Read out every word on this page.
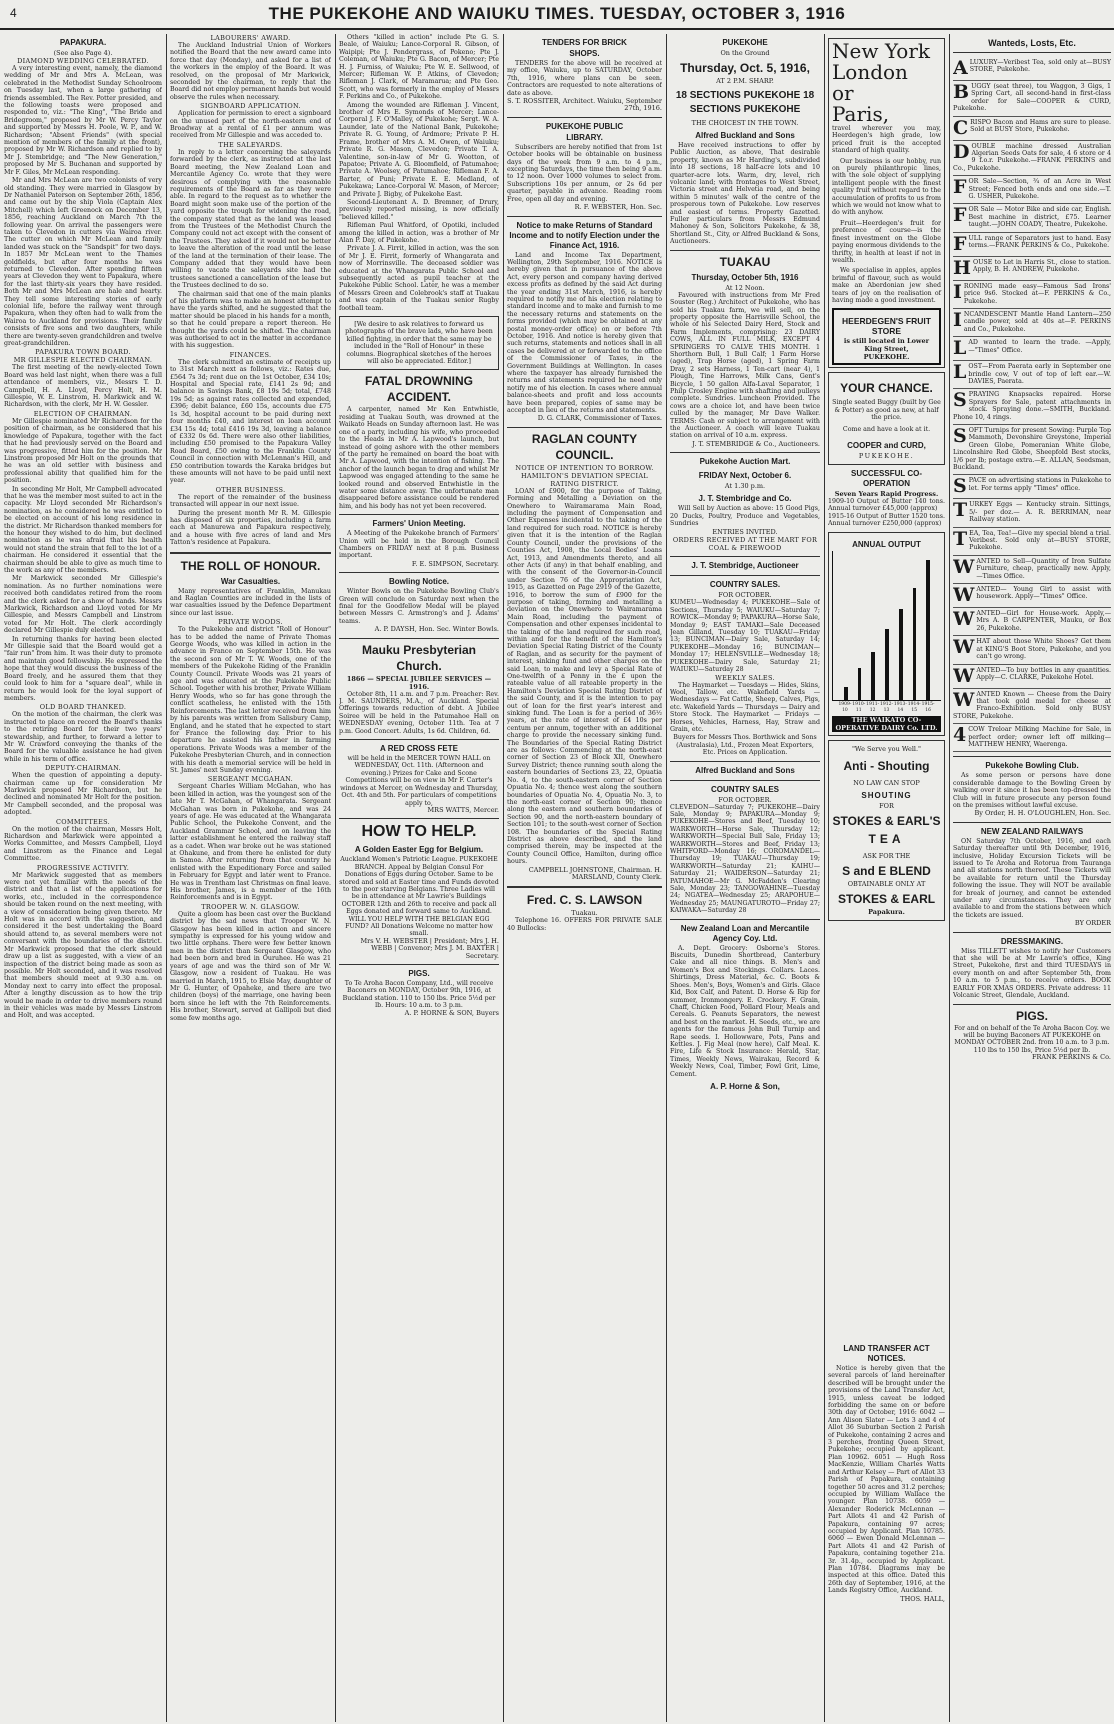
4	THE PUKEKOHE AND WAIUKU TIMES. TUESDAY, OCTOBER 3, 1916
PAPAKURA.
(See also Page 4).
DIAMOND WEDDING CELEBRATED.

A very interesting event, namely, the diamond wedding of Mr and Mrs A. McLean, was celebrated in the Methodist Sunday Schoolroom on Tuesday last, when a large gathering of friends assembled. The Rev. Potter presided, and the following toasts were proposed and responded to, viz.: "The King", "The Bride and Bridegroom," proposed by Mr W. Percy Taylor and supported by Messrs H. Poole, W. P., and W. Richardson; "Absent Friends" (with special mention of members of the family at the front), proposed by Mr W. Richardson and replied to by Mr J. Stembridge; and "The New Generation," proposed by Mr S. Buchanan and supported by Mr F. Giles, Mr McLean responding.

Mr and Mrs McLean are two colonists of very old standing. They were married in Glasgow by Dr Nathaniel Paterson on September 26th, 1856, and came out by the ship Viola (Captain Alex Mitchell) which left Greenock on December 13, 1856, reaching Auckland on March 7th the following year. On arrival the passengers were taken to Clevedon in cutters via Wairoa river. The cutter on which Mr McLean and family landed was stuck on the "Sandspit" for two days. In 1857 Mr McLean went to the Thames goldfields, but after four months he was returned to Clevedon. After spending fifteen years at Clevedon they went to Papakura, where for the last thirty-six years they have resided. Both Mr and Mrs McLean are hale and hearty. They tell some interesting stories of early colonial life, before the railway went through Papakura, when they often had to walk from the Wairoa to Auckland for provisions. Their family consists of five sons and two daughters, while there are twenty-seven grandchildren and twelve great-grandchildren.

PAPAKURA TOWN BOARD.
MR GILLESPIE ELECTED CHAIRMAN.

The first meeting of the newly-elected Town Board was held last night, when there was a full attendance of members, viz., Messrs T. D. Campbell, H. A. Lloyd, Percy Holt, H. M. Gillespie, W. E. Linstrom, H. Markwick and W. Richardson, with the clerk, Mr H. W. Gessler.

ELECTION OF CHAIRMAN.

Mr Gillespie nominated Mr Richardson for the position of chairman, as he considered that his knowledge of Papakura, together with the fact that he had previously served on the Board and was progressive, fitted him for the position. Mr Linstrom proposed Mr Holt on the grounds that he was an old settler with business and professional ability that qualified him for the position.

In seconding Mr Holt, Mr Campbell advocated that he was the member most suited to act in the capacity. Mr Lloyd seconded Mr Richardson's nomination, as he considered he was entitled to be elected on account of his long residence in the district. Mr Richardson thanked members for the honour they wished to do him, but declined nomination as he was afraid that his health would not stand the strain that fell to the lot of a chairman. He considered it essential that the chairman should be able to give as much time to the work as any of the members.

Mr Markwick seconded Mr Gillespie's nomination. As no further nominations were received both candidates retired from the room and the clerk asked for a show of hands. Messrs Markwick, Richardson and Lloyd voted for Mr Gillespie, and Messrs Campbell and Linstrom voted for Mr Holt. The clerk accordingly declared Mr Gillespie duly elected.

In returning thanks for having been elected Mr Gillespie said that the Board would get a "fair run" from him. It was their duty to promote and maintain good fellowship. He expressed the hope that they would discuss the business of the Board freely, and he assured them that they could look to him for a "square deal", while in return he would look for the loyal support of members.

OLD BOARD THANKED.

On the motion of the chairman, the clerk was instructed to place on record the Board's thanks to the retiring Board for their two years' stewardship, and further, to forward a letter to Mr W. Crawford conveying the thanks of the Board for the valuable assistance he had given while in his term of office.

DEPUTY-CHAIRMAN.

When the question of appointing a deputy-chairman came up for consideration Mr Markwick proposed Mr Richardson, but he declined and nominated Mr Holt for the position. Mr Campbell seconded, and the proposal was adopted.

COMMITTEES.

On the motion of the chairman, Messrs Holt, Richardson and Markwick were appointed a Works Committee, and Messrs Campbell, Lloyd and Linstrom as the Finance and Legal Committee.

PROGRESSIVE ACTIVITY.

Mr Markwick suggested that as members were not yet familiar with the needs of the district and that a list of the applications for works, etc., included in the correspondence should be taken round on the next meeting, with a view of consideration being given thereto. Mr Holt was in accord with the suggestion, and considered it the best undertaking the Board should attend to, as several members were not conversant with the boundaries of the district. Mr Markwick proposed that the clerk should draw up a list as suggested, with a view of an inspection of the district being made as soon as possible. Mr Holt seconded, and it was resolved that members should meet at 9.30 a.m. on Monday next to carry into effect the proposal. After a lengthy discussion as to how the trip would be made in order to drive members round in their vehicles was made by Messrs Linstrom and Holt, and was accepted.

LABOURERS' AWARD.

The Auckland Industrial Union of Workers notified the Board that the new award came into force that day (Monday), and asked for a list of the workers in the employ of the Board. It was resolved, on the proposal of Mr Markwick, seconded by the chairman, to reply that the Board did not employ permanent hands but would observe the rules when necessary.

SIGNBOARD APPLICATION.

Application for permission to erect a signboard on the unused part of the north-eastern end of Broadway at a rental of £1 per annum was received from Mr Gillespie and was acceded to.

THE SALEYARDS.

In reply to a letter concerning the saleyards forwarded by the clerk, as instructed at the last Board meeting, the New Zealand Loan and Mercantile Agency Co. wrote that they were desirous of complying with the reasonable requirements of the Board as far as they were able. In regard to the request as to whether the Board might soon make use of the portion of the yard opposite the trough for widening the road, the company stated that as the land was leased from the Trustees of the Methodist Church the Company could not act except with the consent of the Trustees. They asked if it would not be better to leave the alteration of the road until the lease of the land at the termination of their lease. The Company added that they would have been willing to vacate the saleyards site had the trustees sanctioned a cancellation of the lease but the Trustees declined to do so.

The chairman said that one of the main planks of his platform was to make an honest attempt to have the yards shifted, and he suggested that the matter should be placed in his hands for a month, so that he could prepare a report thereon. He thought the yards could be shifted. The chairman was authorised to act in the matter in accordance with his suggestion.

FINANCES.

The clerk submitted an estimate of receipts up to 31st March next as follows, viz.: Rates due, £564 7s 3d; rent due on the 1st October, £34 10s; Hospital and Special rate, £141 2s 9d; and balance in Savings Bank, £8 19s 5d; total, £748 19s 5d; as against rates collected and expended, £396; debit balance, £60 15s, accounts due £75 1s 3d, hospital account to be paid during next four months £40, and interest on loan account £34 15s 4d; total £416 19s 3d, leaving a balance of £332 0s 6d. There were also other liabilities, including £50 promised to the Papakura Valley Road Board, £50 owing to the Franklin County Council in connection with McLennan's Hill, and £50 contribution towards the Karaka bridges but these amounts will not have to be paid until next year.

OTHER BUSINESS.

The report of the remainder of the business transacted will appear in our next issue.

During the present month Mr R. M. Gillespie has disposed of six properties, including a farm each at Manurewa and Papakura respectively, and a house with five acres of land and Mrs Tatton's residence at Papakura.

THE ROLL OF HONOUR.
War Casualties.

Many representatives of Franklin, Manukau and Raglan Counties are included in the lists of war casualties issued by the Defence Department since our last issue.

PRIVATE WOODS.

To the Pukekohe and district "Roll of Honour" has to be added the name of Private Thomas George Woods, who was killed in action in the advance in France on September 15th. He was the second son of Mr T. W. Woods, one of the members of the Pukekohe Riding of the Franklin County Council. Private Woods was 21 years of age and was educated at the Pukekohe Public School. Together with his brother, Private William Henry Woods, who so far has gone through the conflict scatheless, he enlisted with the 15th Reinforcements. The last letter received from him by his parents was written from Salisbury Camp, England, and he stated that he expected to start for France the following day. Prior to his departure he assisted his father in farming operations. Private Woods was a member of the Pukekohe Presbyterian Church, and in connection with his death a memorial service will be held in St. James' next Sunday evening.

SERGEANT MCGAHAN.

Sergeant Charles William McGahan, who has been killed in action, was the youngest son of the late Mr T. McGahan, of Whangarata. Sergeant McGahan was born in Pukekohe, and was 24 years of age. He was educated at the Whangarata Public School, the Pukekohe Convent, and the Auckland Grammar School, and on leaving the latter establishment he entered the railway staff as a cadet. When war broke out he was stationed at Ohakune, and from there he enlisted for duty in Samoa. After returning from that country he enlisted with the Expeditionary Force and sailed in February for Egypt and later went to France. He was in Trentham last Christmas on final leave. His brother, James, is a member of the 16th Reinforcements and is in Egypt.

TROOPER W. N. GLASGOW.

Quite a gloom has been cast over the Buckland district by the sad news that Trooper W. N. Glasgow has been killed in action and sincere sympathy is expressed for his young widow and two little orphans. There were few better known men in the district than Sergeant Glasgow, who had been born and bred in Ouruhee. He was 21 years of age and was the third son of Mr W. Glasgow, now a resident of Tuakau. He was married in March, 1915, to Elsie May, daughter of Mr G. Hunter, of Opaheke, and there are two children (boys) of the marriage, one having been born since he left with the 7th Reinforcements. His brother, Stewart, served at Gallipoli but died some few months ago.

Others "killed in action" include Pte G. S. Beale, of Waiuku; Lance-Corporal R. Gibson, of Waipipi; Pte J. Pendergrass, of Pokeno; Pte J. Coleman, of Waiuku; Pte G. Bacon, of Mercer; Pte H. J. Furniss, of Waiuku; Pte W. E. Sellwood, of Mercer; Rifleman W. P. Atkins, of Clevedon; Rifleman J. Clark, of Maramarua; and Pte Geo. Scott, who was formerly in the employ of Messrs F. Perkins and Co., of Pukekohe.

Among the wounded are Rifleman J. Vincent, brother of Mrs E. Symonds of Mercer; Lance-Corporal J. F. O'Malley, of Pukekohe; Sergt. W. A. Launder, late of the National Bank, Pukekohe; Private R. G. Young, of Ardmore; Private P. H. Frame, brother of Mrs A. M. Owen, of Waiuku; Private R. G. Mason, Clevedon; Private T. A. Valentine, son-in-law of Mr G. Wootton, of Papatoe; Private A. G. Bloomfield, of Patumahoe; Private A. Woolsey, of Patumahoe; Rifleman F. A. Barter, of Puni; Private E. E. Medland, of Pukekawa; Lance-Corporal W. Mason, of Mercer; and Private J. Bigby, of Pukekohe East.

Second-Lieutenant A. D. Bremner, of Drury, previously reported missing, is now officially "believed killed."

Rifleman Paul Whitford, of Opotiki, included among the killed in action, was a brother of Mr Alan P. Day, of Pukekohe.

Private J. A. Firrit, killed in action, was the son of Mr J. E. Firrit, formerly of Whangarata and now of Morrinsville. The deceased soldier was educated at the Whangarata Public School and subsequently acted as pupil teacher at the Pukekohe Public School. Later, he was a member of Messrs Green and Colebrook's staff at Tuakau and was captain of the Tuakau senior Rugby football team.

[We desire to ask relatives to forward us photographs of the brave lads, who have been killed fighting, in order that the same may be included in the "Roll of Honour" in these columns. Biographical sketches of the heroes will also be appreciated. Editor.]

FATAL DROWNING
ACCIDENT.

A carpenter, named Mr Ken Entwhistle, residing at Tuakau South, was drowned at the Waikato Heads on Sunday afternoon last. He was one of a party, including his wife, who proceeded to the Heads in Mr A. Lapwood's launch, but instead of going ashore with the other members of the party he remained on board the boat with Mr A. Lapwood, with the intention of fishing. The anchor of the launch began to drag and whilst Mr Lapwood was engaged attending to the same he looked round and observed Entwhistle in the water some distance away. The unfortunate man disappeared before assistance could be rendered him, and his body has not yet been recovered.

Farmers' Union Meeting.

A Meeting of the Pukekohe branch of Farmers' Union will be held in the Borough Council Chambers on FRIDAY next at 8 p.m. Business important.

F. E. SIMPSON, Secretary.
Bowling Notice.

Winter Bowls on the Pukekohe Bowling Club's Green will conclude on Saturday next when the final for the Goodfellow Medal will be played between Messrs C. Armstrong's and J. Adams' teams.

A. P. DAYSH, Hon. Sec. Winter Bowls.
Mauku Presbyterian
Church.
1866 — SPECIAL JUBILEE SERVICES — 1916.

October 8th, 11 a.m. and 7 p.m. Preacher: Rev. J. M. SAUNDERS, M.A., of Auckland. Special Offerings towards reduction of debt. A Jubilee Soiree will be held in the Patumahoe Hall on WEDNESDAY evening, October 11th. Tea at 7 p.m. Good Concert. Adults, 1s 6d. Children, 6d.

A RED CROSS FETE

will be held in the MERCER TOWN HALL on WEDNESDAY, Oct. 11th. (Afternoon and evening.) Prizes for Cake and Scone Competitions will be on view in Mr F. Carter's windows at Mercer, on Wednesday and Thursday, Oct. 4th and 5th. For particulars of competitions apply to,

MRS WATTS, Mercer.
HOW TO HELP.
A Golden Easter Egg for Belgium.

Auckland Women's Patriotic League. PUKEKOHE BRANCH. Appeal by Belgian Consul For Donations of Eggs during October. Same to be stored and sold at Easter time and Funds devoted to the poor starving Belgians. Three Ladies will be in attendance at Mr Lawrie's Buildings OCTOBER 12th and 26th to receive and pack all Eggs donated and forward same to Auckland. WILL YOU HELP WITH THE BELGIAN EGG FUND? All Donations Welcome no matter how small.

Mrs V. H. WEBSTER | President; Mrs J. H. WEBB | Convenor; Mrs J. M. BAXTER | Secretary.
PIGS.

To Te Aroha Bacon Company, Ltd., will receive Baconers on MONDAY, October 9th, 1916, at Buckland station. 110 to 150 lbs. Price 5½d per lb. Hours: 10 a.m. to 3 p.m.

A. P. HORNE & SON, Buyers
TENDERS FOR BRICK
SHOPS.

TENDERS for the above will be received at my office, Waiuku, up to SATURDAY, October 7th, 1916, where plans can be seen. Contractors are requested to note alterations of date as above.

S. T. ROSSITER, Architect. Waiuku, September 27th, 1916.
PUKEKOHE PUBLIC
LIBRARY.

Subscribers are hereby notified that from 1st October books will be obtainable on business days of the week from 9 a.m. to 4 p.m., excepting Saturdays, the time then being 9 a.m. to 12 noon. Over 1000 volumes to select from. Subscriptions 10s per annum, or 2s 6d per quarter, payable in advance. Reading room Free, open all day and evening.

R. F. WEBSTER, Hon. Sec.
Notice to make Returns of Standard Income and to notify Election under the Finance Act, 1916.

Land and Income Tax Department, Wellington, 29th September, 1916. NOTICE is hereby given that in pursuance of the above Act, every person and company having derived excess profits as defined by the said Act during the year ending 31st March, 1916, is hereby required to notify me of his election relating to standard income and to make and furnish to me the necessary returns and statements on the forms provided (which may be obtained at any postal money-order office) on or before 7th October, 1916. And notice is hereby given that such returns, statements and notices shall in all cases be delivered at or forwarded to the office of the Commissioner of Taxes, in the Government Buildings at Wellington. In cases where the taxpayer has already furnished the returns and statements required he need only notify me of his election. In cases where annual balance-sheets and profit and loss accounts have been prepared, copies of same may be accepted in lieu of the returns and statements.

D. G. CLARK, Commissioner of Taxes.
RAGLAN COUNTY
COUNCIL.
NOTICE OF INTENTION TO BORROW.
HAMILTON'S DEVIATION SPECIAL RATING DISTRICT.

LOAN of £900, for the purpose of Taking, Forming and Metalling a Deviation on the Onewhero to Wairamarama Main Road, including the payment of Compensation and Other Expenses incidental to the taking of the land required for such road. NOTICE is hereby given that it is the intention of the Raglan County Council, under the provisions of the Counties Act, 1908, the Local Bodies' Loans Act, 1913, and Amendments thereto, and all other Acts (if any) in that behalf enabling, and with the consent of the Governor-in-Council under Section 76 of the Appropriation Act, 1915, as Gazetted on Page 2919 of the Gazette, 1916, to borrow the sum of £900 for the purpose of taking, forming and metalling a deviation on the Onewhero to Wairamarama Main Road, including the payment of Compensation and other expenses incidental to the taking of the land required for such road, within and for the benefit of the Hamilton's Deviation Special Rating District of the County of Raglan, and as security for the payment of interest, sinking fund and other charges on the said Loan, to make and levy a Special Rate of One-twelfth of a Penny in the £ upon the rateable value of all rateable property in the Hamilton's Deviation Special Rating District of the said County, and it is the intention to pay out of loan for the first year's interest and sinking fund. The Loan is for a period of 36½ years, at the rate of interest of £4 10s per centum per annum, together with an additional charge to provide the necessary sinking fund. The Boundaries of the Special Rating District are as follows: Commencing at the north-east corner of Section 23 of Block XII, Onewhero Survey District; thence running south along the eastern boundaries of Sections 23, 22, Opuatia No. 4, to the south-eastern corner of Section Opuatia No. 4; thence west along the southern boundaries of Opuatia No. 4, Opuatia No. 3, to the north-east corner of Section 90; thence along the eastern and southern boundaries of Section 90, and the north-eastern boundary of Section 101; to the south-west corner of Section 108. The boundaries of the Special Rating District as above described, and the land comprised therein, may be inspected at the County Council Office, Hamilton, during office hours.

CAMPBELL JOHNSTONE, Chairman. H. MARSLAND, County Clerk.
Fred. C. S. LAWSON
Tuakau.

Telephone 16. OFFERS FOR PRIVATE SALE 40 Bullocks:

PUKEKOHE
On the Ground
Thursday, Oct. 5, 1916,
AT 2 P.M. SHARP.
18 SECTIONS PUKEKOHE 18 SECTIONS PUKEKOHE
THE CHOICEST IN THE TOWN.
Alfred Buckland and Sons

Have received instructions to offer by Public Auction, as above, That desirable property, known as Mr Harding's, subdivided into 18 sections, 18 half-acre lots and 10 quarter-acre lots. Warm, dry, level, rich volcanic land; with frontages to West Street, Victoria street and Helvetia road, and being within 5 minutes' walk of the centre of the prosperous town of Pukekohe. Low reserves and easiest of terms. Property Gazetted. Fuller particulars from Messrs Edmund Mahoney & Son, Solicitors Pukekohe, & 38, Shortland St., City, or Alfred Buckland & Sons, Auctioneers.

TUAKAU
Thursday, October 5th, 1916
At 12 Noon.

Favoured with instructions from Mr Fred Souster (Reg.) Architect of Pukekohe, who has sold his Tuakau farm, we will sell, on the property opposite the Harrisville School, the whole of his Selected Dairy Herd, Stock and Farm Implements, comprising: 23 DAIRY COWS, ALL IN FULL MILK, EXCEPT 4 SPRINGERS TO CALVE THIS MONTH. 1 Shorthorn Bull, 1 Bull Calf; 1 Farm Horse (aged), Trap Horse (aged), 1 Spring Farm Dray, 2 sets Harness, 1 Ten-cart (near 4), 1 Plough, Tine Harrows, Milk Cans, Gent's Bicycle, 1 50 gallon Alfa-Laval Separator, 1 Philp Crosley Engine with shafting and pulleys complete. Sundries. Luncheon Provided. The cows are a choice lot, and have been twice culled by the manager, Mr Dave Walker. TERMS: Cash or subject to arrangement with the Auctioneer. A coach will leave Tuakau station on arrival of 10 a.m. express.

J. T. STEMBRIDGE & Co., Auctioneers.
Pukekohe Auction Mart.
FRIDAY Next, October 6.
At 1.30 p.m.
J. T. Stembridge and Co.

Will Sell by Auction as above: 15 Good Pigs, 20 Ducks, Poultry, Produce and Vegetables, Sundries

ENTRIES INVITED.
ORDERS RECEIVED AT THE MART FOR COAL & FIREWOOD
J. T. Stembridge, Auctioneer
COUNTRY SALES.
FOR OCTOBER.

KUMEU—Wednesday 4; PUKEKOHE—Sale of Sections, Thursday 5; WAIUKU—Saturday 7; ROWICK—Monday 9; PAPAKURA—Horse Sale, Monday 9; EAST TAMAKI—Sale Deceased Jean Gilland, Tuesday 10; TUAKAU—Friday 13; BUNCIMAN—Dairy Sale, Saturday 14; PUKEKOHE—Monday 16; BUNCIMAN—Monday 17; HELENSVILLE—Wednesday 18; PUKEKOHE—Dairy Sale, Saturday 21; WAIUKU—Saturday 28

WEEKLY SALES.

The Haymarket — Tuesdays — Hides, Skins, Wool, Tallow, etc. Wakefield Yards — Wednesdays — Fat Cattle, Sheep, Calves, Pigs, etc. Wakefield Yards — Thursdays — Dairy and Store Stock. The Haymarket — Fridays — Horses, Vehicles, Harness, Hay, Straw and Grain, etc.

Buyers for Messrs Thos. Borthwick and Sons (Australasia), Ltd., Frozen Meat Exporters, Etc. Prices on Application.

Alfred Buckland and Sons
COUNTRY SALES
FOR OCTOBER.

CLEVEDON—Saturday 7; PUKEKOHE—Dairy Sale, Monday 9; PAPAKURA—Monday 9; PUKEKOHE—Stores and Beef, Tuesday 10; WARKWORTH—Horse Sale, Thursday 12; WARKWORTH—Special Bull Sale, Friday 13; WARKWORTH—Stores and Beef, Friday 13; WHITFORD—Monday 16; COROMANDEL—Thursday 19; TUAKAU—Thursday 19; WARKWORTH—Saturday 21; KAIHU—Saturday 21; WAIDERSON—Saturday 21; PATUMAHOE—Mr G. McFadden's Clearing Sale, Monday 23; TANGOWAHINE—Tuesday 24; NGATEA—Wednesday 25; ARAPOHUE—Wednesday 25; MAUNGATUROTO—Friday 27; KAIWAKA—Saturday 28

New Zealand Loan and Mercantile Agency Coy. Ltd.

A. Dept. Grocery: Osborne's Stores. Biscuits, Dunedin Shortbread, Canterbury Cake and all nice things. B. Men's and Women's Box and Stockings. Collars. Laces. Shirtings, Dress Material, &c. C. Boots & Shoes. Men's, Boys, Women's and Girls. Glace Kid, Box Calf, and Patent. D. Horse & Rip for summer, Ironmongery. E. Crockery. F. Grain, Chaff, Chicken Food, Pollard Flour, Meals and Cereals. G. Peanuts Separators, the newest and best on the market. H. Seeds, etc., we are agents for the famous John Bull Turnip and Rape seeds. I. Hollowware, Pots, Pans and Kettles. J. Fig Meal (now here), Calf Meal. K. Fire, Life & Stock Insurance: Herald, Star, Times, Weekly News, Wairakau, Record & Weekly News, Coal, Timber, Fowl Grit, Lime, Cement.

A. P. Horne & Son,
New York
London
or
Paris,

travel wherever you may, Heerdegen's high grade, low priced fruit is the accepted standard of high quality.

Our business is our hobby, run on purely philanthropic lines, with the sole object of supplying intelligent people with the finest quality fruit without regard to the accumulation of profits to us from which we would not know what to do with anyhow.

Fruit—Heerdegen's fruit for preference of course—is the finest investment on the Globe paying enormous dividends to the thrifty, in health at least if not in wealth.

We specialise in apples, apples brimful of flavour, such as would make an Aberdonian jew shed tears of joy on the realisation of having made a good investment.

HEERDEGEN'S FRUIT STORE
is still located in Lower King Street,
PUKEKOHE.
YOUR CHANCE.

Single seated Buggy (built by Gee & Potter) as good as new, at half the price.

Come and have a look at it.

COOPER and CURD,
PUKEKOHE.
SUCCESSFUL CO-OPERATION
Seven Years Rapid Progress.

1909-10 Output of Butter 140 tons. Annual turnover £45,000 (approx)

1915-16 Output of Butter 1520 tons. Annual turnover £250,000 (approx)

ANNUAL OUTPUT
1909-10
1910-11
1911-12
1912-13
1913-14
1914-15
1915-16
THE WAIKATO CO-OPERATIVE DAIRY Co. LTD.
"We Serve you Well."
Anti - Shouting
NO LAW CAN STOP
SHOUTING
FOR
STOKES & EARL'S
TEA
ASK FOR THE
S and E BLEND
OBTAINABLE ONLY AT
STOKES & EARL
Papakura.
Wanteds, Losts, Etc.
ALUXURY—Veribest Tea, sold only at—BUSY STORE, Pukekohe.
BUGGY (seat three), tou Waggon, 3 Gigs, 1 Spring Cart, all second-hand in first-class order for Sale—COOPER & CURD, Pukekohe.
CRISPO Bacon and Hams are sure to please. Sold at BUSY Store, Pukekohe.
DOUBLE machine dressed Australian Algerian Seeds Oats for sale, 4 6 store or 4 9 f.o.r. Pukekohe.—FRANK PERKINS and Co., Pukekohe.
FOR Sale—Section, ¾ of an Acre in West Street; Fenced both ends and one side.—T. G. USHER, Pukekohe.
FOR Sale — Motor Bike and side car, English. Best machine in district, £75. Learner taught.—JOHN COADY, Theatre, Pukekohe.
FULL range of Separators just to hand. Easy terms.—FRANK PERKINS & Co., Pukekohe.
HOUSE to Let in Harris St., close to station. Apply, B. H. ANDREW, Pukekohe.
IRONING made easy—Famous Sad Irons' price 9s6. Stocked at—F. PERKINS & Co., Pukekohe.
INCANDESCENT Mantle Hand Lantern—250 candle power, sold at 40s at—F. PERKINS and Co., Pukekohe.
LAD wanted to learn the trade. —Apply,—"Times" Office.
LOST—From Paerata early in September one brindle cow, V out of top of left ear.—W. DAVIES, Paerata.
SPRAYING Knapsacks repaired. Horse Sprayers for Sale, patent attachments in stock. Spraying done.—SMITH, Buckland. Phone 10, 4 rings.
SOFT Turnips for present Sowing: Purple Top Mammoth, Devonshire Greystone, Imperial Green Globe, Pomeranian White Globe, Lincolnshire Red Globe, Sheepfold Best stocks, 1/6 per lb; postage extra.—E. ALLAN, Seedsman, Buckland.
SPACE on advertising stations in Pukekohe to let. For terms apply "Times" office.
TURKEY Eggs — Kentucky strain. Sittings, 5/- per doz.— A. R. BERRIMAN, near Railway station.
TEA, Tea, Tea!—Give my special blend a trial. Veribest. Sold only at—BUSY STORE, Pukekohe.
WANTED to Sell—Quantity of Iron Sulfate Furniture, cheap, practically new. Apply,—Times Office.
WANTED— Young Girl to assist with housework. Apply—"Times" Office.
WANTED—Girl for House-work. Apply,— Mrs A. B CARPENTER, Mauku, or Box 26, Pukekohe.
WHAT about those White Shoes? Get them at KING'S Boot Store, Pukekohe, and you can't go wrong.
WANTED—To buy bottles in any quantities. Apply—C. CLARKE, Pukekohe Hotel.
WANTED Known — Cheese from the Dairy that took gold medal for cheese at Franco-Exhibition. Sold only BUSY STORE, Pukekohe.
4 COW Treloar Milking Machine for Sale, in perfect order; owner left off milking—MATTHEW HENRY, Waerenga.
Pukekohe Bowling Club.

As some person or persons have done considerable damage to the Bowling Green by walking over it since it has been top-dressed the Club will in future prosecute any person found on the premises without lawful excuse.

By Order, H. H. O'LOUGHLEN, Hon. Sec.
NEW ZEALAND RAILWAYS

ON Saturday 7th October, 1916, and each Saturday thereafter until 9th December, 1916, inclusive, Holiday Excursion Tickets will be issued to Te Aroha and Rotorua from Tauranga and all stations north thereof. These Tickets will be available for return until the Thursday following the issue. They will NOT be available for break of journey, and cannot be extended under any circumstances. They are only available to and from the stations between which the tickets are issued.

BY ORDER
DRESSMAKING.

Miss TILLETT wishes to notify her Customers that she will be at Mr Lawrie's office, King Street, Pukekohe, first and third TUESDAYS in every month on and after September 5th, from 10 a.m. to 5 p.m., to receive orders. BOOK EARLY FOR XMAS ORDERS. Private address: 11 Volcanic Street, Glendale, Auckland.

PIGS.

For and on behalf of the Te Aroha Bacon Coy. we will be buying Baconers AT PUKEKOHE on MONDAY OCTOBER 2nd. from 10 a.m. to 3 p.m. 110 lbs to 150 lbs, Price 5½d per lb.

FRANK PERKINS & Co.
LAND TRANSFER ACT NOTICES.

Notice is hereby given that the several parcels of land hereinafter described will be brought under the provisions of the Land Transfer Act, 1915, unless caveat be lodged forbidding the same on or before 30th day of October, 1916: 6042 — Ann Alison Slater — Lots 3 and 4 of Allot 36 Suburban Section 2 Parish of Pukekohe, containing 2 acres and 3 perches, fronting Queen Street, Pukekohe; occupied by applicant. Plan 10962. 6051 — Hugh Ross MacKenzie, William Charles Watts and Arthur Kelsey — Part of Allot 33 Parish of Papakura, containing together 50 acres and 31.2 perches; occupied by William Wallace the younger. Plan 10738. 6059 — Alexander Roderick McLennan — Part Allots 41 and 42 Parish of Papakura, containing 97 acres; occupied by Applicant. Plan 10785. 6060 — Ewen Donald McLennan — Part Allots 41 and 42 Parish of Papakura, containing together 21a. 3r. 31.4p., occupied by Applicant. Plan 10784. Diagrams may be inspected at this office. Dated this 26th day of September, 1916, at the Lands Registry Office, Auckland.

THOS. HALL,
